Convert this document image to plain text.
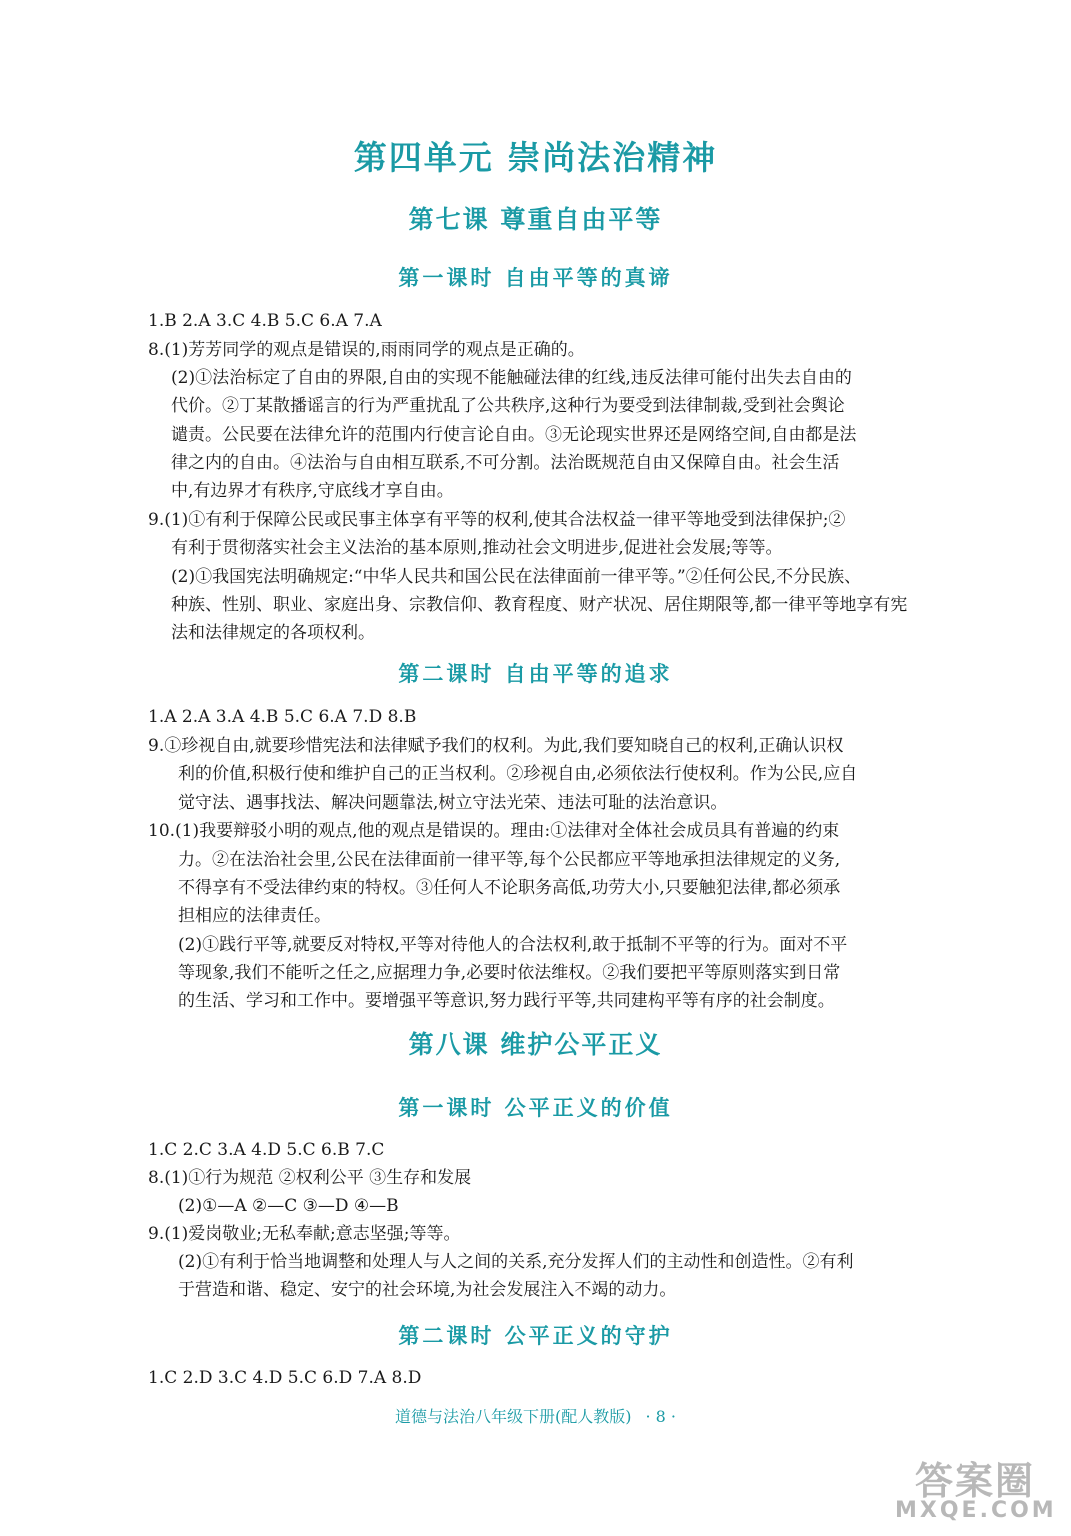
第四单元 崇尚法治精神
第七课 尊重自由平等
第一课时 自由平等的真谛
1.B 2.A 3.C 4.B 5.C 6.A 7.A
8.(1)芳芳同学的观点是错误的,雨雨同学的观点是正确的。
(2)①法治标定了自由的界限,自由的实现不能触碰法律的红线,违反法律可能付出失去自由的
代价。②丁某散播谣言的行为严重扰乱了公共秩序,这种行为要受到法律制裁,受到社会舆论
谴责。公民要在法律允许的范围内行使言论自由。③无论现实世界还是网络空间,自由都是法
律之内的自由。④法治与自由相互联系,不可分割。法治既规范自由又保障自由。社会生活
中,有边界才有秩序,守底线才享自由。
9.(1)①有利于保障公民或民事主体享有平等的权利,使其合法权益一律平等地受到法律保护;②
有利于贯彻落实社会主义法治的基本原则,推动社会文明进步,促进社会发展;等等。
(2)①我国宪法明确规定:“中华人民共和国公民在法律面前一律平等。”②任何公民,不分民族、
种族、性别、职业、家庭出身、宗教信仰、教育程度、财产状况、居住期限等,都一律平等地享有宪
法和法律规定的各项权利。
第二课时 自由平等的追求
1.A 2.A 3.A 4.B 5.C 6.A 7.D 8.B
9.①珍视自由,就要珍惜宪法和法律赋予我们的权利。为此,我们要知晓自己的权利,正确认识权
利的价值,积极行使和维护自己的正当权利。②珍视自由,必须依法行使权利。作为公民,应自
觉守法、遇事找法、解决问题靠法,树立守法光荣、违法可耻的法治意识。
10.(1)我要辩驳小明的观点,他的观点是错误的。理由:①法律对全体社会成员具有普遍的约束
力。②在法治社会里,公民在法律面前一律平等,每个公民都应平等地承担法律规定的义务,
不得享有不受法律约束的特权。③任何人不论职务高低,功劳大小,只要触犯法律,都必须承
担相应的法律责任。
(2)①践行平等,就要反对特权,平等对待他人的合法权利,敢于抵制不平等的行为。面对不平
等现象,我们不能听之任之,应据理力争,必要时依法维权。②我们要把平等原则落实到日常
的生活、学习和工作中。要增强平等意识,努力践行平等,共同建构平等有序的社会制度。
第八课 维护公平正义
第一课时 公平正义的价值
1.C 2.C 3.A 4.D 5.C 6.B 7.C
8.(1)①行为规范 ②权利公平 ③生存和发展
(2)①—A ②—C ③—D ④—B
9.(1)爱岗敬业;无私奉献;意志坚强;等等。
(2)①有利于恰当地调整和处理人与人之间的关系,充分发挥人们的主动性和创造性。②有利
于营造和谐、稳定、安宁的社会环境,为社会发展注入不竭的动力。
第二课时 公平正义的守护
1.C 2.D 3.C 4.D 5.C 6.D 7.A 8.D
道德与法治八年级下册(配人教版) · 8 ·
答案圈
MXQE.COM
